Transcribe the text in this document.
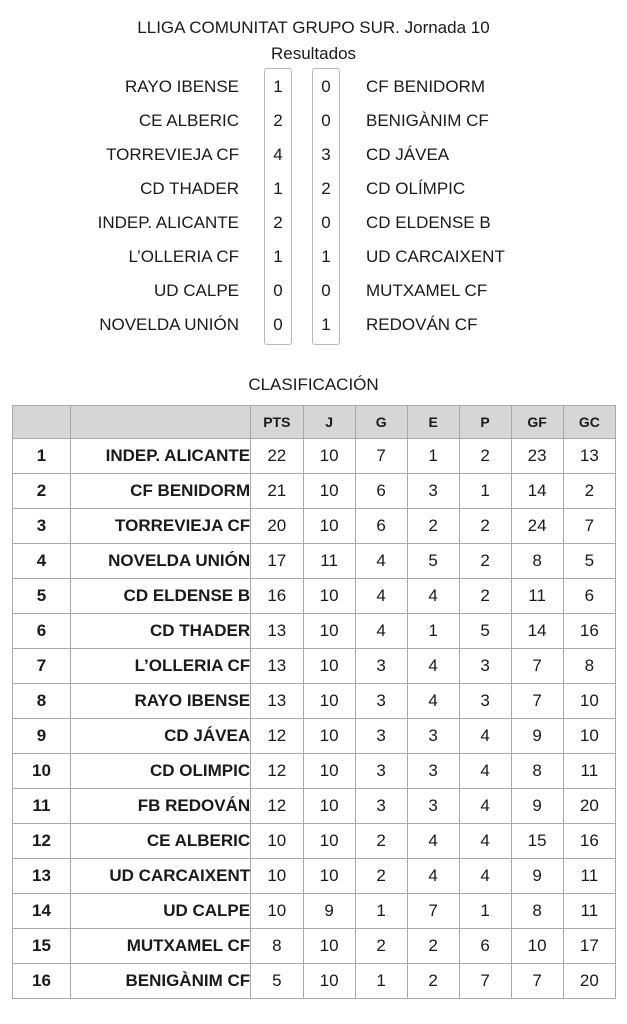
LLIGA COMUNITAT GRUPO SUR. Jornada 10
Resultados
RAYO IBENSE	1	0	CF BENIDORM
CE ALBERIC	2	0	BENIGÀNIM CF
TORREVIEJA CF	4	3	CD JÁVEA
CD THADER	1	2	CD OLÍMPIC
INDEP. ALICANTE	2	0	CD ELDENSE B
L’OLLERIA CF	1	1	UD CARCAIXENT
UD CALPE	0	0	MUTXAMEL CF
NOVELDA UNIÓN	0	1	REDOVÁN CF
CLASIFICACIÓN
		PTS	J	G	E	P	GF	GC
1	INDEP. ALICANTE	22	10	7	1	2	23	13
2	CF BENIDORM	21	10	6	3	1	14	2
3	TORREVIEJA CF	20	10	6	2	2	24	7
4	NOVELDA UNIÓN	17	11	4	5	2	8	5
5	CD ELDENSE B	16	10	4	4	2	11	6
6	CD THADER	13	10	4	1	5	14	16
7	L’OLLERIA CF	13	10	3	4	3	7	8
8	RAYO IBENSE	13	10	3	4	3	7	10
9	CD JÁVEA	12	10	3	3	4	9	10
10	CD OLIMPIC	12	10	3	3	4	8	11
11	FB REDOVÁN	12	10	3	3	4	9	20
12	CE ALBERIC	10	10	2	4	4	15	16
13	UD CARCAIXENT	10	10	2	4	4	9	11
14	UD CALPE	10	9	1	7	1	8	11
15	MUTXAMEL CF	8	10	2	2	6	10	17
16	BENIGÀNIM CF	5	10	1	2	7	7	20
